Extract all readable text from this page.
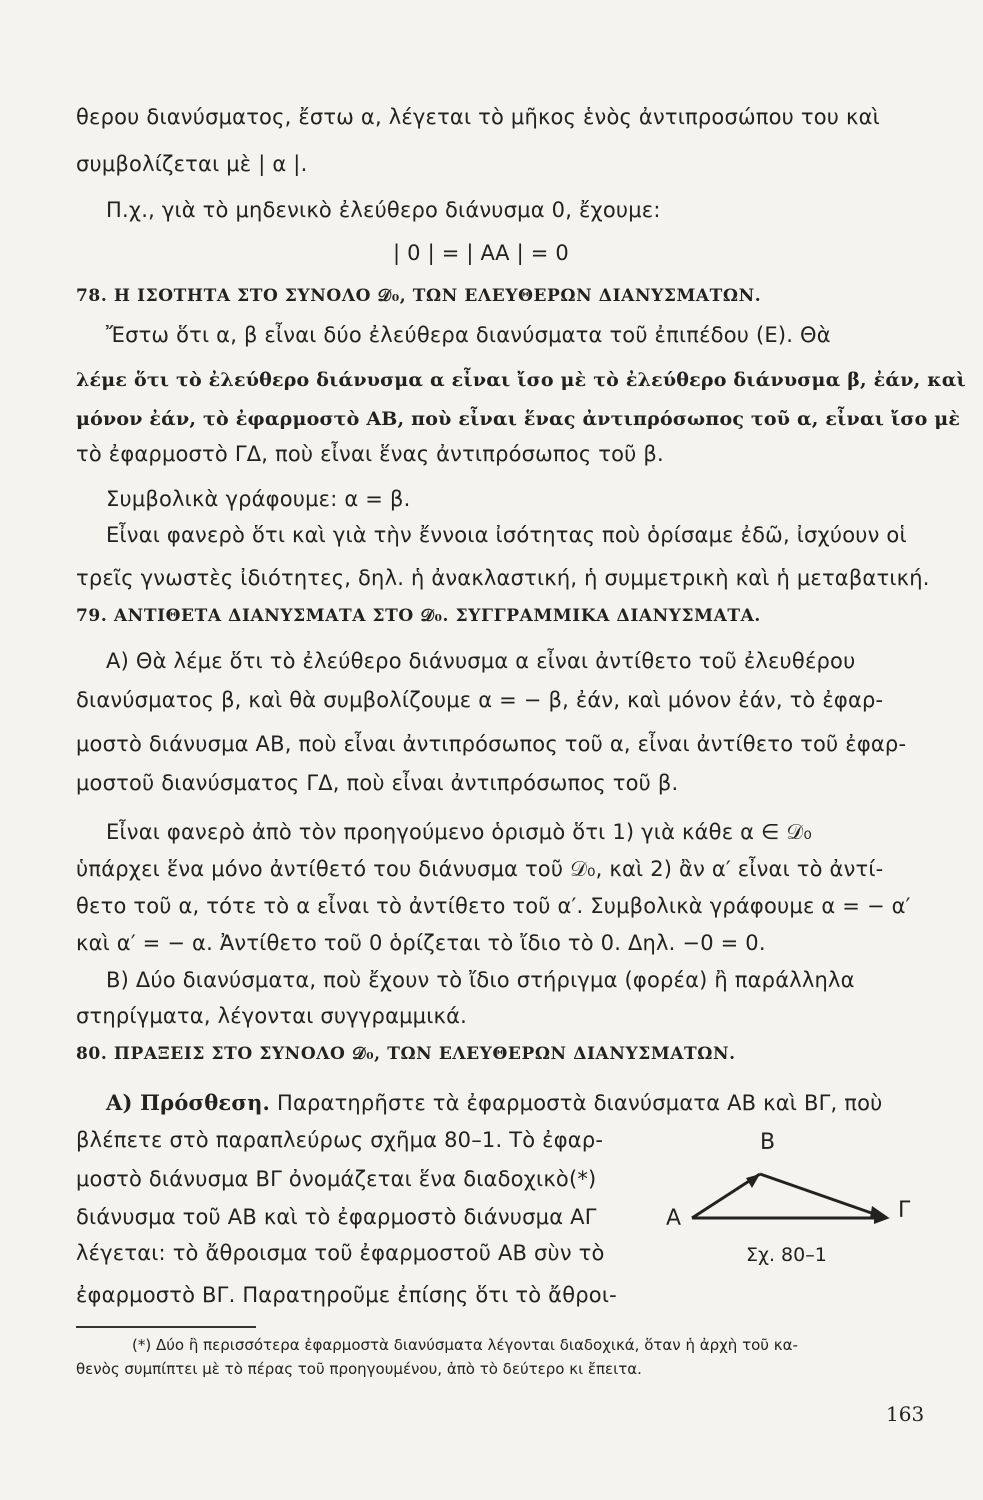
θερου διανύσματος, ἔστω α, λέγεται τὸ μῆκος ἑνὸς ἀντιπροσώπου του καὶ
συμβολίζεται μὲ | α |.
Π.χ., γιὰ τὸ μηδενικὸ ἐλεύθερο διάνυσμα 0, ἔχουμε:
| 0 | = | ΑΑ | = 0
78. Η ΙΣΟΤΗΤΑ ΣΤΟ ΣΥΝΟΛΟ 𝒟₀, ΤΩΝ ΕΛΕΥΘΕΡΩΝ ΔΙΑΝΥΣΜΑΤΩΝ.
Ἔστω ὅτι α, β εἶναι δύο ἐλεύθερα διανύσματα τοῦ ἐπιπέδου (Ε). Θὰ
λέμε ὅτι τὸ ἐλεύθερο διάνυσμα α εἶναι ἴσο μὲ τὸ ἐλεύθερο διάνυσμα β, ἐάν, καὶ
μόνον ἐάν, τὸ ἐφαρμοστὸ ΑΒ, ποὺ εἶναι ἕνας ἀντιπρόσωπος τοῦ α, εἶναι ἴσο μὲ
τὸ ἐφαρμοστὸ ΓΔ, ποὺ εἶναι ἕνας ἀντιπρόσωπος τοῦ β.
Συμβολικὰ γράφουμε: α = β.
Εἶναι φανερὸ ὅτι καὶ γιὰ τὴν ἔννοια ἰσότητας ποὺ ὁρίσαμε ἐδῶ, ἰσχύουν οἱ
τρεῖς γνωστὲς ἰδιότητες, δηλ. ἡ ἀνακλαστική, ἡ συμμετρικὴ καὶ ἡ μεταβατική.
79. ΑΝΤΙΘΕΤΑ ΔΙΑΝΥΣΜΑΤΑ ΣΤΟ 𝒟₀. ΣΥΓΓΡΑΜΜΙΚΑ ΔΙΑΝΥΣΜΑΤΑ.
Α) Θὰ λέμε ὅτι τὸ ἐλεύθερο διάνυσμα α εἶναι ἀντίθετο τοῦ ἐλευθέρου
διανύσματος β, καὶ θὰ συμβολίζουμε α = − β, ἐάν, καὶ μόνον ἐάν, τὸ ἐφαρ-
μοστὸ διάνυσμα ΑΒ, ποὺ εἶναι ἀντιπρόσωπος τοῦ α, εἶναι ἀντίθετο τοῦ ἐφαρ-
μοστοῦ διανύσματος ΓΔ, ποὺ εἶναι ἀντιπρόσωπος τοῦ β.
Εἶναι φανερὸ ἀπὸ τὸν προηγούμενο ὁρισμὸ ὅτι 1) γιὰ κάθε α ∈ 𝒟₀
ὑπάρχει ἕνα μόνο ἀντίθετό του διάνυσμα τοῦ 𝒟₀, καὶ 2) ἂν α′ εἶναι τὸ ἀντί-
θετο τοῦ α, τότε τὸ α εἶναι τὸ ἀντίθετο τοῦ α′. Συμβολικὰ γράφουμε α = − α′
καὶ α′ = − α. Ἀντίθετο τοῦ 0 ὁρίζεται τὸ ἴδιο τὸ 0. Δηλ. −0 = 0.
Β) Δύο διανύσματα, ποὺ ἔχουν τὸ ἴδιο στήριγμα (φορέα) ἢ παράλληλα
στηρίγματα, λέγονται συγγραμμικά.
80. ΠΡΑΞΕΙΣ ΣΤΟ ΣΥΝΟΛΟ 𝒟₀, ΤΩΝ ΕΛΕΥΘΕΡΩΝ ΔΙΑΝΥΣΜΑΤΩΝ.
Α) Πρόσθεση. Παρατηρῆστε τὰ ἐφαρμοστὰ διανύσματα ΑΒ καὶ ΒΓ, ποὺ
βλέπετε στὸ παραπλεύρως σχῆμα 80–1. Τὸ ἐφαρ-
μοστὸ διάνυσμα ΒΓ ὀνομάζεται ἕνα διαδοχικὸ(*)
διάνυσμα τοῦ ΑΒ καὶ τὸ ἐφαρμοστὸ διάνυσμα ΑΓ
λέγεται: τὸ ἄθροισμα τοῦ ἐφαρμοστοῦ ΑΒ σὺν τὸ
ἐφαρμοστὸ ΒΓ. Παρατηροῦμε ἐπίσης ὅτι τὸ ἄθροι-
Β
Α	Γ
Σχ. 80–1
(*) Δύο ἢ περισσότερα ἐφαρμοστὰ διανύσματα λέγονται διαδοχικά, ὅταν ἡ ἀρχὴ τοῦ κα-
θενὸς συμπίπτει μὲ τὸ πέρας τοῦ προηγουμένου, ἀπὸ τὸ δεύτερο κι ἔπειτα.
163
